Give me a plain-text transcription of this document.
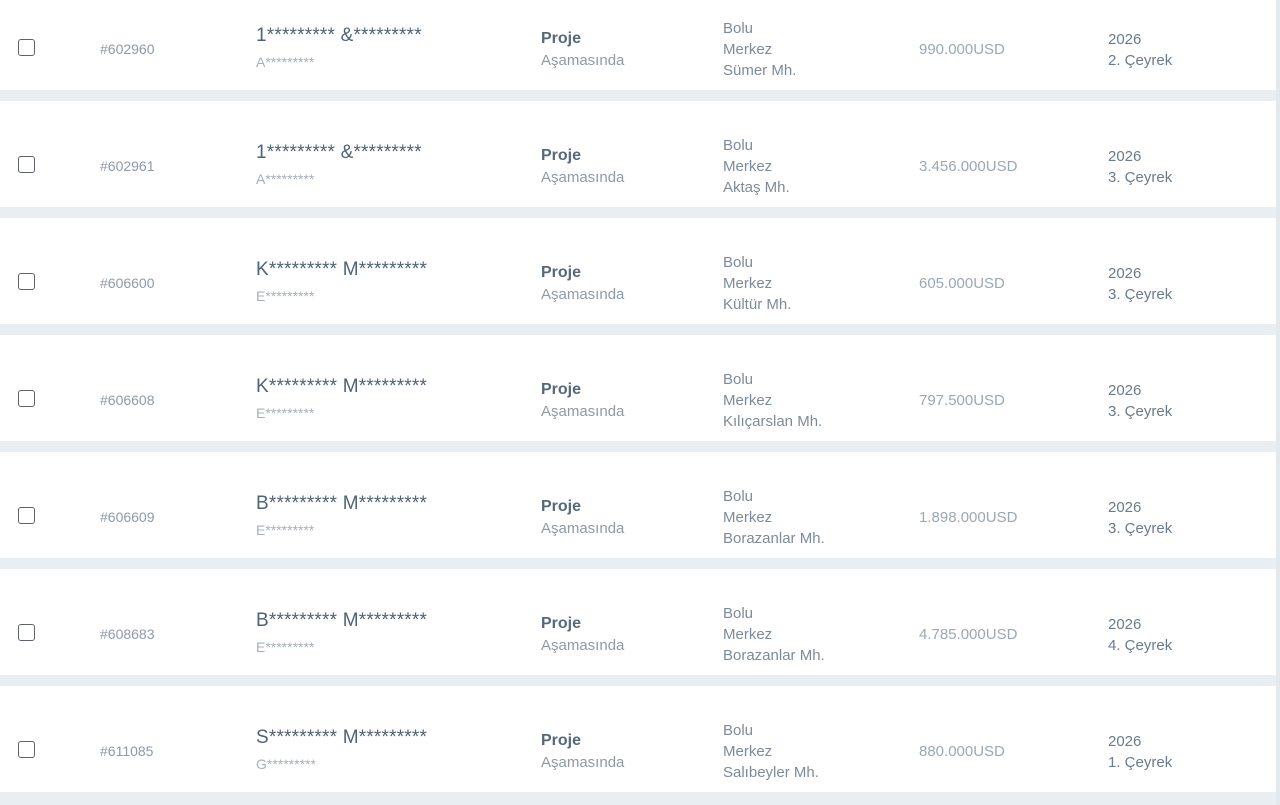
#602960
1********* &*********
A*********
Proje
Aşamasında
Bolu
Merkez
Sümer Mh.
990.000USD
2026
2. Çeyrek
#602961
1********* &*********
A*********
Proje
Aşamasında
Bolu
Merkez
Aktaş Mh.
3.456.000USD
2026
3. Çeyrek
#606600
K********* M*********
E*********
Proje
Aşamasında
Bolu
Merkez
Kültür Mh.
605.000USD
2026
3. Çeyrek
#606608
K********* M*********
E*********
Proje
Aşamasında
Bolu
Merkez
Kılıçarslan Mh.
797.500USD
2026
3. Çeyrek
#606609
B********* M*********
E*********
Proje
Aşamasında
Bolu
Merkez
Borazanlar Mh.
1.898.000USD
2026
3. Çeyrek
#608683
B********* M*********
E*********
Proje
Aşamasında
Bolu
Merkez
Borazanlar Mh.
4.785.000USD
2026
4. Çeyrek
#611085
S********* M*********
G*********
Proje
Aşamasında
Bolu
Merkez
Salıbeyler Mh.
880.000USD
2026
1. Çeyrek
